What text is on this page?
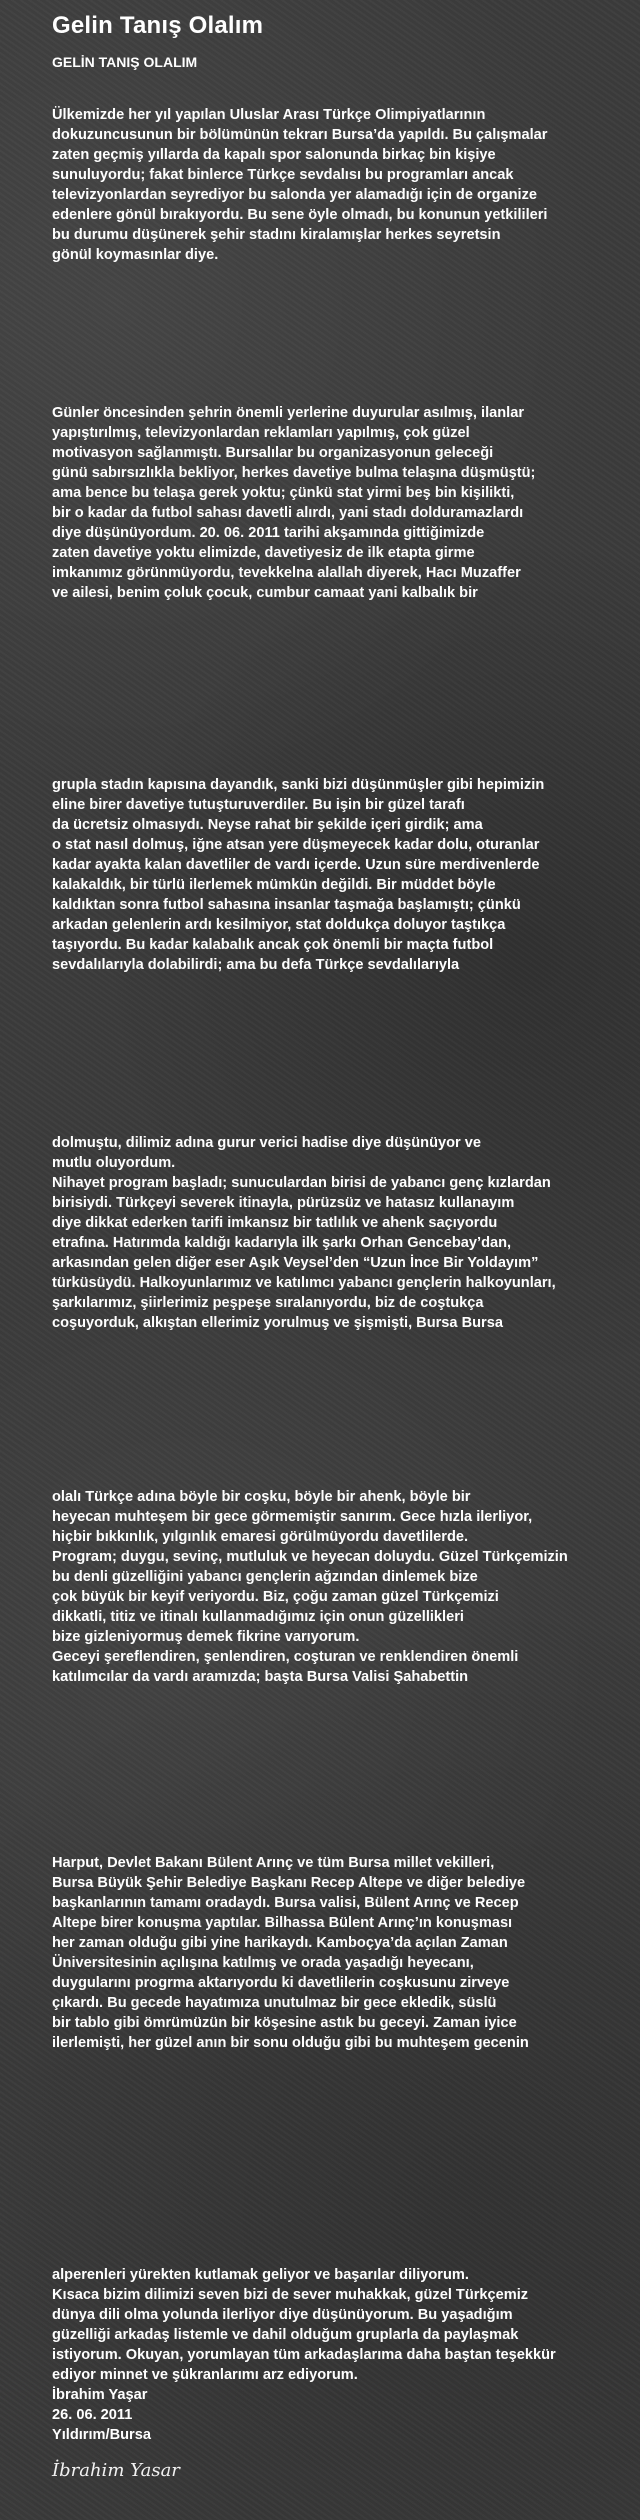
Gelin Tanış Olalım
GELİN TANIŞ OLALIM

Ülkemizde her yıl yapılan Uluslar Arası Türkçe Olimpiyatlarının
dokuzuncusunun bir bölümünün tekrarı Bursa’da yapıldı. Bu çalışmalar
zaten geçmiş yıllarda da kapalı spor salonunda birkaç bin kişiye
sunuluyordu; fakat binlerce Türkçe sevdalısı bu programları ancak
televizyonlardan seyrediyor bu salonda yer alamadığı için de organize
edenlere gönül bırakıyordu. Bu sene öyle olmadı, bu konunun yetkilileri
bu durumu düşünerek şehir stadını kiralamışlar herkes seyretsin
gönül koymasınlar diye.

Günler öncesinden şehrin önemli yerlerine duyurular asılmış, ilanlar
yapıştırılmış, televizyonlardan reklamları yapılmış, çok güzel
motivasyon sağlanmıştı. Bursalılar bu organizasyonun geleceği
günü sabırsızlıkla bekliyor, herkes davetiye bulma telaşına düşmüştü;
ama bence bu telaşa gerek yoktu; çünkü stat yirmi beş bin kişilikti,
bir o kadar da futbol sahası davetli alırdı, yani stadı dolduramazlardı
diye düşünüyordum. 20. 06. 2011 tarihi akşamında gittiğimizde
zaten davetiye yoktu elimizde, davetiyesiz de ilk etapta girme
imkanımız görünmüyordu, tevekkelna alallah diyerek, Hacı Muzaffer
ve ailesi, benim çoluk çocuk, cumbur camaat yani kalbalık bir

grupla stadın kapısına dayandık, sanki bizi düşünmüşler gibi hepimizin
eline birer davetiye tutuşturuverdiler. Bu işin bir güzel tarafı
da ücretsiz olmasıydı. Neyse rahat bir şekilde içeri girdik; ama
o stat nasıl dolmuş, iğne atsan yere düşmeyecek kadar dolu, oturanlar
kadar ayakta kalan davetliler de vardı içerde. Uzun süre merdivenlerde
kalakaldık, bir türlü ilerlemek mümkün değildi. Bir müddet böyle
kaldıktan sonra futbol sahasına insanlar taşmağa başlamıştı; çünkü
arkadan gelenlerin ardı kesilmiyor, stat doldukça doluyor taştıkça
taşıyordu. Bu kadar kalabalık ancak çok önemli bir maçta futbol
sevdalılarıyla dolabilirdi; ama bu defa Türkçe sevdalılarıyla

dolmuştu, dilimiz adına gurur verici hadise diye düşünüyor ve
mutlu oluyordum.
Nihayet program başladı; sunuculardan birisi de yabancı genç kızlardan
birisiydi. Türkçeyi severek itinayla, pürüzsüz ve hatasız kullanayım
diye dikkat ederken tarifi imkansız bir tatlılık ve ahenk saçıyordu
etrafına. Hatırımda kaldığı kadarıyla ilk şarkı Orhan Gencebay’dan,
arkasından gelen diğer eser Aşık Veysel’den “Uzun İnce Bir Yoldayım”
türküsüydü. Halkoyunlarımız ve katılımcı yabancı gençlerin halkoyunları,
şarkılarımız, şiirlerimiz peşpeşe sıralanıyordu, biz de coştukça
coşuyorduk, alkıştan ellerimiz yorulmuş ve şişmişti, Bursa Bursa

olalı Türkçe adına böyle bir coşku, böyle bir ahenk, böyle bir
heyecan muhteşem bir gece görmemiştir sanırım. Gece hızla ilerliyor,
hiçbir bıkkınlık, yılgınlık emaresi görülmüyordu davetlilerde.
Program; duygu, sevinç, mutluluk ve heyecan doluydu. Güzel Türkçemizin
bu denli güzelliğini yabancı gençlerin ağzından dinlemek bize
çok büyük bir keyif veriyordu. Biz, çoğu zaman güzel Türkçemizi
dikkatli, titiz ve itinalı kullanmadığımız için onun güzellikleri
bize gizleniyormuş demek fikrine varıyorum.
Geceyi şereflendiren, şenlendiren, coşturan ve renklendiren önemli
katılımcılar da vardı aramızda; başta Bursa Valisi Şahabettin

Harput, Devlet Bakanı Bülent Arınç ve tüm Bursa millet vekilleri,
Bursa Büyük Şehir Belediye Başkanı Recep Altepe ve diğer belediye
başkanlarının tamamı oradaydı. Bursa valisi, Bülent Arınç ve Recep
Altepe birer konuşma yaptılar. Bilhassa Bülent Arınç’ın konuşması
her zaman olduğu gibi yine harikaydı. Kamboçya’da açılan Zaman
Üniversitesinin açılışına katılmış ve orada yaşadığı heyecanı,
duygularını progrma aktarıyordu ki davetlilerin coşkusunu zirveye
çıkardı. Bu gecede hayatımıza unutulmaz bir gece ekledik, süslü
bir tablo gibi ömrümüzün bir köşesine astık bu geceyi. Zaman iyice
ilerlemişti, her güzel anın bir sonu olduğu gibi bu muhteşem gecenin

alperenleri yürekten kutlamak geliyor ve başarılar diliyorum.
Kısaca bizim dilimizi seven bizi de sever muhakkak, güzel Türkçemiz
dünya dili olma yolunda ilerliyor diye düşünüyorum. Bu yaşadığım
güzelliği arkadaş listemle ve dahil olduğum gruplarla da paylaşmak
istiyorum. Okuyan, yorumlayan tüm arkadaşlarıma daha baştan teşekkür
ediyor minnet ve şükranlarımı arz ediyorum.
İbrahim Yaşar
26. 06. 2011
Yıldırım/Bursa

İbrahim Yasar
